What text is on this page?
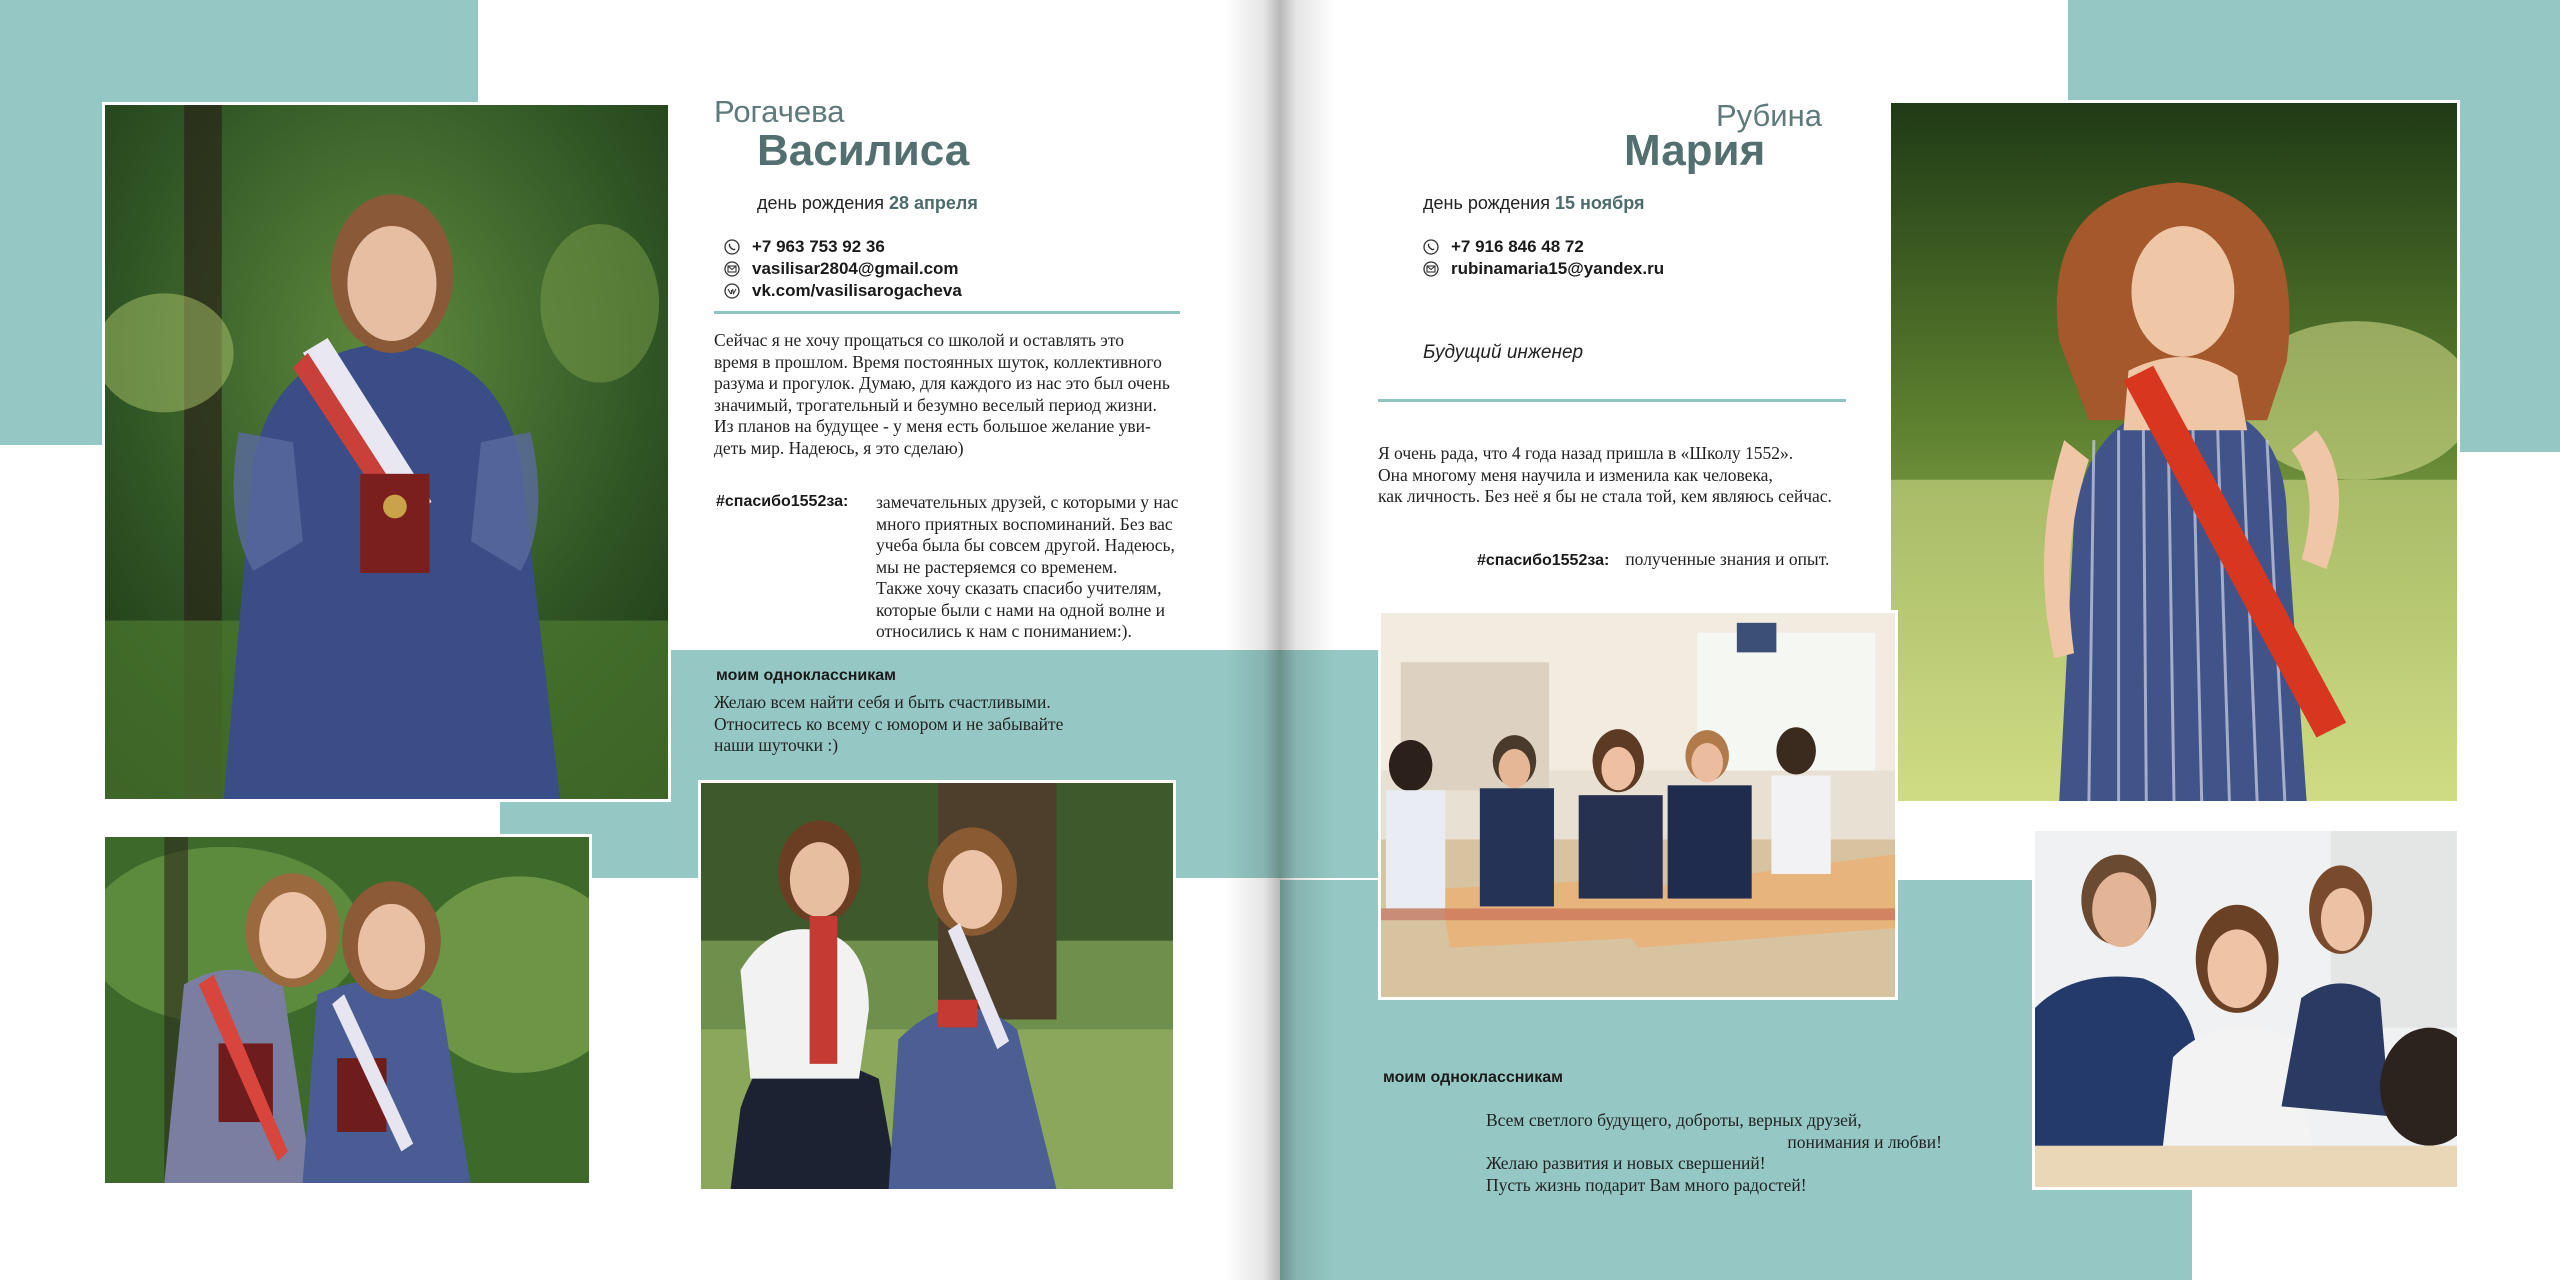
Рогачева
Василиса
день рождения 28 апреля
+7 963 753 92 36
vasilisar2804@gmail.com
vk.com/vasilisarogacheva
Сейчас я не хочу прощаться со школой и оставлять это
время в прошлом. Время постоянных шуток, коллективного
разума и прогулок. Думаю, для каждого из нас это был очень
значимый, трогательный и безумно веселый период жизни.
Из планов на будущее - у меня есть большое желание уви-
деть мир. Надеюсь, я это сделаю)
#спасибо1552за: замечательных друзей, с которыми у нас
много приятных воспоминаний. Без вас
учеба была бы совсем другой. Надеюсь,
мы не растеряемся со временем.
Также хочу сказать спасибо учителям,
которые были с нами на одной волне и
относились к нам с пониманием:).
моим одноклассникам
Желаю всем найти себя и быть счастливыми.
Относитесь ко всему с юмором и не забывайте
наши шуточки :)
Рубина
Мария
день рождения 15 ноября
+7 916 846 48 72
rubinamaria15@yandex.ru
Будущий инженер
Я очень рада, что 4 года назад пришла в «Школу 1552».
Она многому меня научила и изменила как человека,
как личность. Без неё я бы не стала той, кем являюсь сейчас.
#спасибо1552за: полученные знания и опыт.
моим одноклассникам
Всем светлого будущего, доброты, верных друзей,
понимания и любви!
Желаю развития и новых свершений!
Пусть жизнь подарит Вам много радостей!
